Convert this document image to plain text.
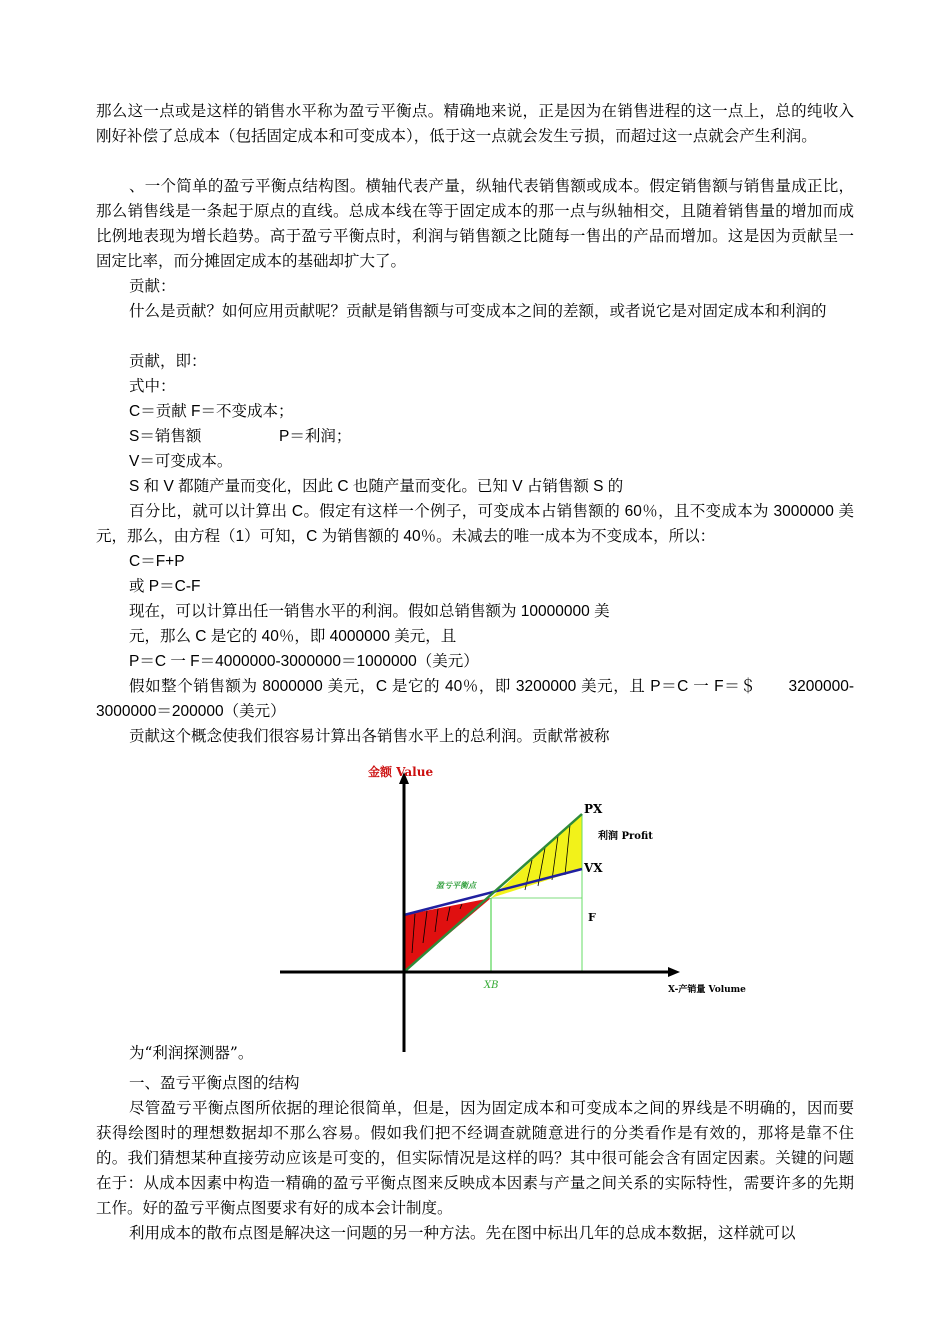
那么这一点或是这样的销售水平称为盈亏平衡点。精确地来说，正是因为在销售进程的这一点上，总的纯收入刚好补偿了总成本（包括固定成本和可变成本），低于这一点就会发生亏损，而超过这一点就会产生利润。

、一个简单的盈亏平衡点结构图。横轴代表产量，纵轴代表销售额或成本。假定销售额与销售量成正比，那么销售线是一条起于原点的直线。总成本线在等于固定成本的那一点与纵轴相交，且随着销售量的增加而成比例地表现为增长趋势。高于盈亏平衡点时，利润与销售额之比随每一售出的产品而增加。这是因为贡献呈一固定比率，而分摊固定成本的基础却扩大了。

贡献：

什么是贡献？如何应用贡献呢？贡献是销售额与可变成本之间的差额，或者说它是对固定成本和利润的

贡献，即：
式中：
C＝贡献 F＝不变成本；
S＝销售额	P＝利润；
V＝可变成本。
S 和 V 都随产量而变化，因此 C 也随产量而变化。已知 V 占销售额 S 的

百分比，就可以计算出 C。假定有这样一个例子，可变成本占销售额的 60％，且不变成本为 3000000 美元，那么，由方程（1）可知，C 为销售额的 40％。未减去的唯一成本为不变成本，所以：

C＝F+P
或 P＝C-F
现在，可以计算出任一销售水平的利润。假如总销售额为 10000000 美
元，那么 C 是它的 40％，即 4000000 美元，且
P＝C 一 F＝4000000-3000000＝1000000（美元）

假如整个销售额为 8000000 美元，C 是它的 40％，即 3200000 美元，且 P＝C 一 F＝＄　　3200000-3000000＝200000（美元）

贡献这个概念使我们很容易计算出各销售水平上的总利润。贡献常被称
金额 Value
PX
利润 Profit
VX
F
盈亏平衡点
XB	X-产销量 Volume
为“利润探测器”。
一、盈亏平衡点图的结构

尽管盈亏平衡点图所依据的理论很简单，但是，因为固定成本和可变成本之间的界线是不明确的，因而要获得绘图时的理想数据却不那么容易。假如我们把不经调查就随意进行的分类看作是有效的，那将是靠不住的。我们猜想某种直接劳动应该是可变的，但实际情况是这样的吗？其中很可能会含有固定因素。关键的问题在于：从成本因素中构造一精确的盈亏平衡点图来反映成本因素与产量之间关系的实际特性，需要许多的先期工作。好的盈亏平衡点图要求有好的成本会计制度。

利用成本的散布点图是解决这一问题的另一种方法。先在图中标出几年的总成本数据，这样就可以
